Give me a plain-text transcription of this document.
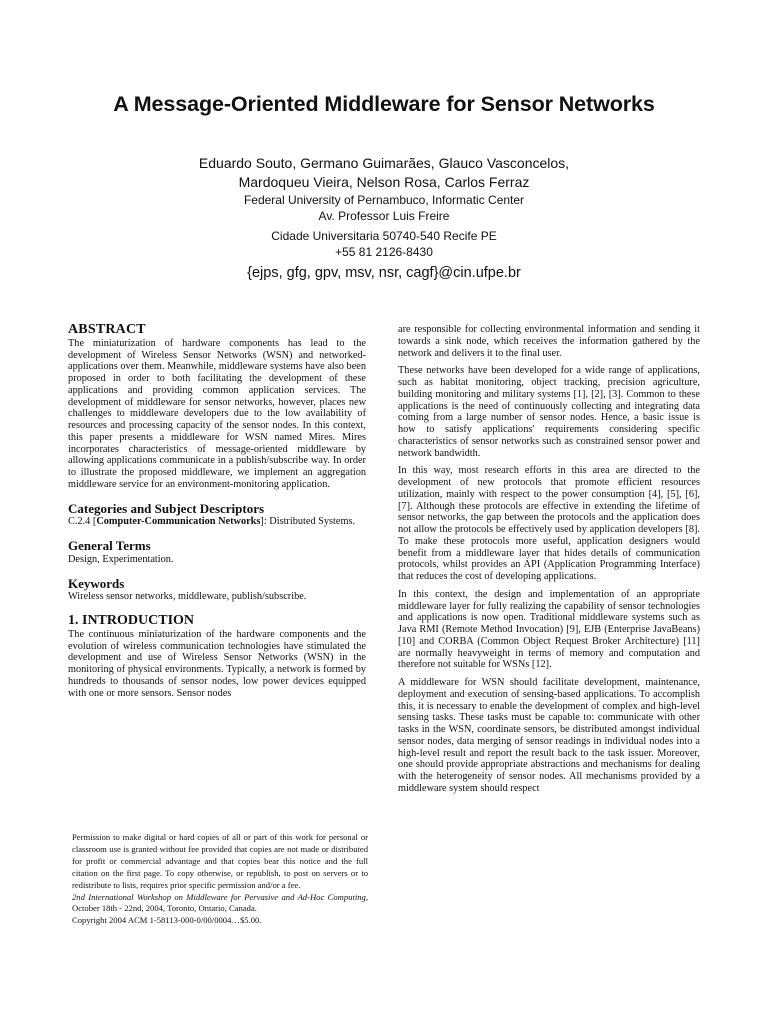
A Message-Oriented Middleware for Sensor Networks
Eduardo Souto, Germano Guimarães, Glauco Vasconcelos,
Mardoqueu Vieira, Nelson Rosa, Carlos Ferraz
Federal University of Pernambuco, Informatic Center
Av. Professor Luis Freire
Cidade Universitaria 50740-540 Recife PE
+55 81 2126-8430
{ejps, gfg, gpv, msv, nsr, cagf}@cin.ufpe.br
ABSTRACT

The miniaturization of hardware components has lead to the development of Wireless Sensor Networks (WSN) and networked-applications over them. Meanwhile, middleware systems have also been proposed in order to both facilitating the development of these applications and providing common application services. The development of middleware for sensor networks, however, places new challenges to middleware developers due to the low availability of resources and processing capacity of the sensor nodes. In this context, this paper presents a middleware for WSN named Mires. Mires incorporates characteristics of message-oriented middleware by allowing applications communicate in a publish/subscribe way. In order to illustrate the proposed middleware, we implement an aggregation middleware service for an environment-monitoring application.

Categories and Subject Descriptors

C.2.4 [Computer-Communication Networks]: Distributed Systems.

General Terms

Design, Experimentation.

Keywords

Wireless sensor networks, middleware, publish/subscribe.

1. INTRODUCTION

The continuous miniaturization of the hardware components and the evolution of wireless communication technologies have stimulated the development and use of Wireless Sensor Networks (WSN) in the monitoring of physical environments. Typically, a network is formed by hundreds to thousands of sensor nodes, low power devices equipped with one or more sensors. Sensor nodes

Permission to make digital or hard copies of all or part of this work for personal or classroom use is granted without fee provided that copies are not made or distributed for profit or commercial advantage and that copies bear this notice and the full citation on the first page. To copy otherwise, or republish, to post on servers or to redistribute to lists, requires prior specific permission and/or a fee.

2nd International Workshop on Middleware for Pervasive and Ad-Hoc Computing, October 18th - 22nd, 2004, Toronto, Ontario, Canada.

Copyright 2004 ACM 1-58113-000-0/00/0004…$5.00.

are responsible for collecting environmental information and sending it towards a sink node, which receives the information gathered by the network and delivers it to the final user.

These networks have been developed for a wide range of applications, such as habitat monitoring, object tracking, precision agriculture, building monitoring and military systems [1], [2], [3]. Common to these applications is the need of continuously collecting and integrating data coming from a large number of sensor nodes. Hence, a basic issue is how to satisfy applications' requirements considering specific characteristics of sensor networks such as constrained sensor power and network bandwidth.

In this way, most research efforts in this area are directed to the development of new protocols that promote efficient resources utilization, mainly with respect to the power consumption [4], [5], [6], [7]. Although these protocols are effective in extending the lifetime of sensor networks, the gap between the protocols and the application does not allow the protocols be effectively used by application developers [8]. To make these protocols more useful, application designers would benefit from a middleware layer that hides details of communication protocols, whilst provides an API (Application Programming Interface) that reduces the cost of developing applications.

In this context, the design and implementation of an appropriate middleware layer for fully realizing the capability of sensor technologies and applications is now open. Traditional middleware systems such as Java RMI (Remote Method Invocation) [9], EJB (Enterprise JavaBeans) [10] and CORBA (Common Object Request Broker Architecture) [11] are normally heavyweight in terms of memory and computation and therefore not suitable for WSNs [12].

A middleware for WSN should facilitate development, maintenance, deployment and execution of sensing-based applications. To accomplish this, it is necessary to enable the development of complex and high-level sensing tasks. These tasks must be capable to: communicate with other tasks in the WSN, coordinate sensors, be distributed amongst individual sensor nodes, data merging of sensor readings in individual nodes into a high-level result and report the result back to the task issuer. Moreover, one should provide appropriate abstractions and mechanisms for dealing with the heterogeneity of sensor nodes. All mechanisms provided by a middleware system should respect
